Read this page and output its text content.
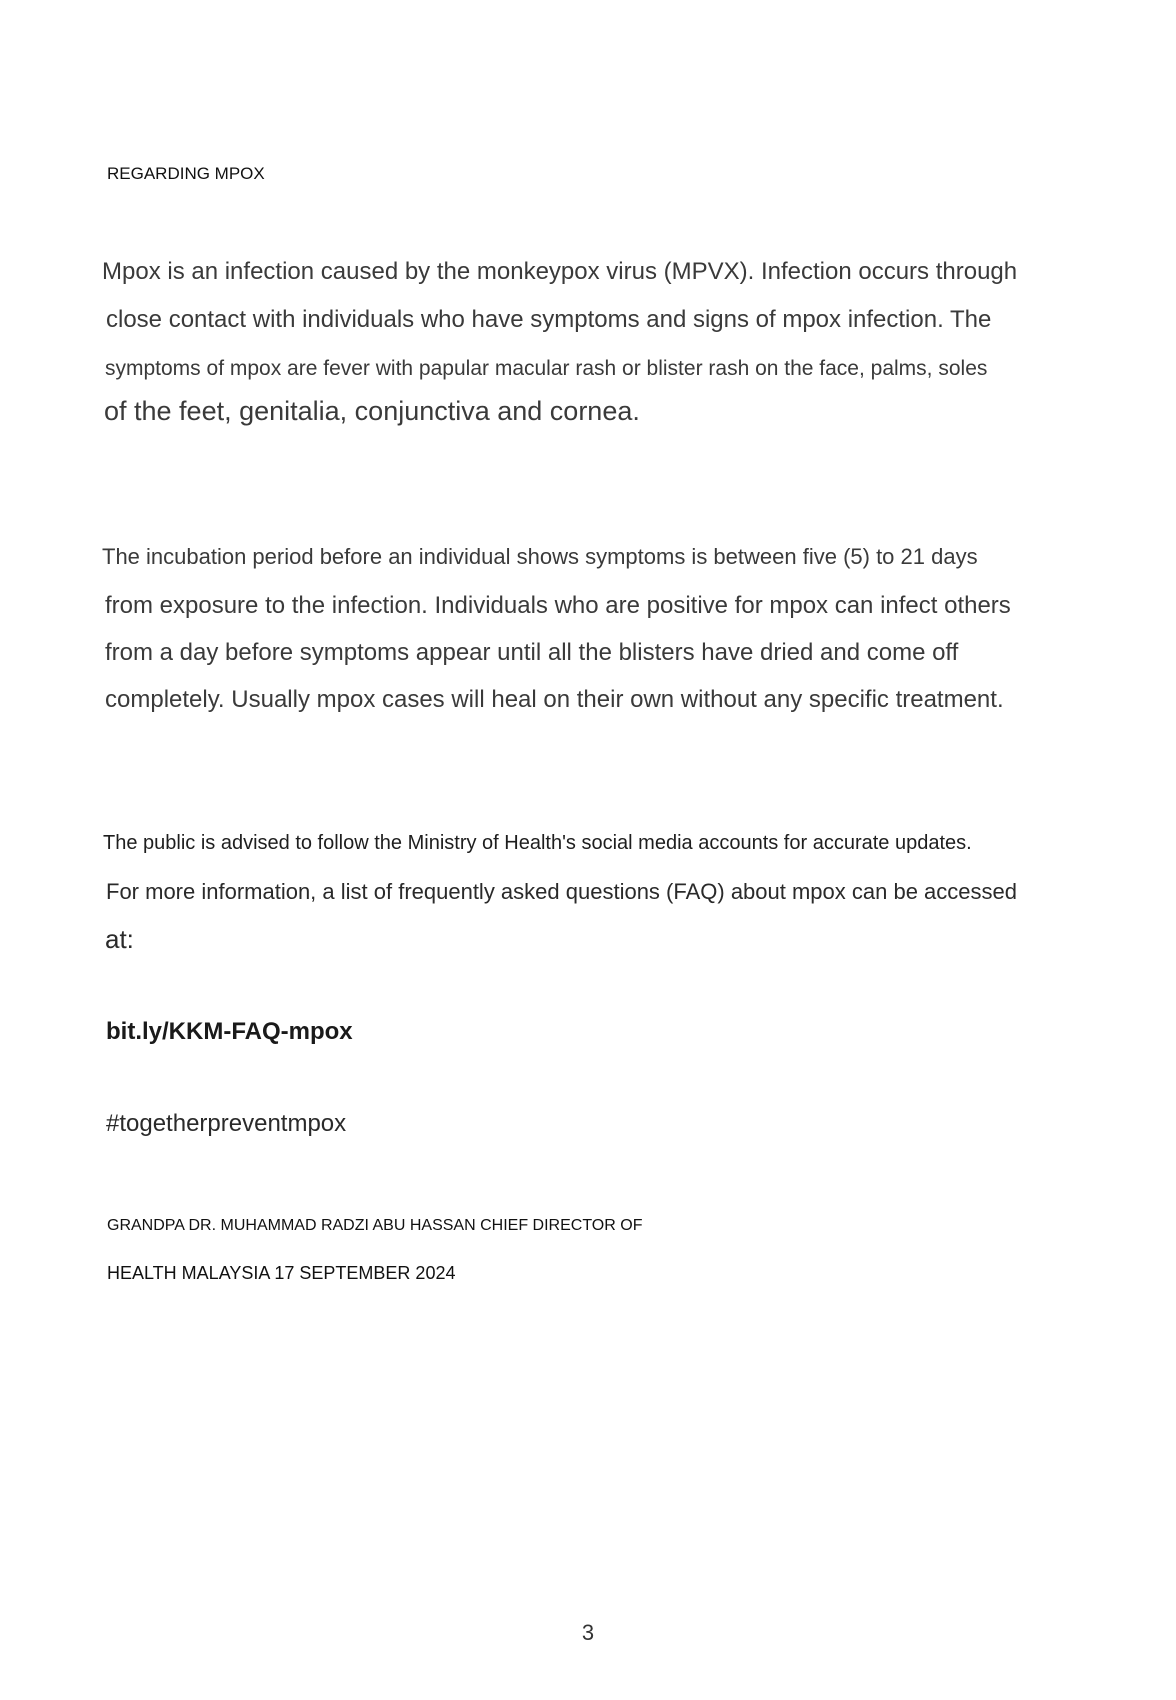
REGARDING MPOX
Mpox is an infection caused by the monkeypox virus (MPVX). Infection occurs through
close contact with individuals who have symptoms and signs of mpox infection. The
symptoms of mpox are fever with papular macular rash or blister rash on the face, palms, soles
of the feet, genitalia, conjunctiva and cornea.
The incubation period before an individual shows symptoms is between five (5) to 21 days
from exposure to the infection. Individuals who are positive for mpox can infect others
from a day before symptoms appear until all the blisters have dried and come off
completely. Usually mpox cases will heal on their own without any specific treatment.
The public is advised to follow the Ministry of Health's social media accounts for accurate updates.
For more information, a list of frequently asked questions (FAQ) about mpox can be accessed
at:
bit.ly/KKM-FAQ-mpox
#togetherpreventmpox
GRANDPA DR. MUHAMMAD RADZI ABU HASSAN CHIEF DIRECTOR OF
HEALTH MALAYSIA 17 SEPTEMBER 2024
3
